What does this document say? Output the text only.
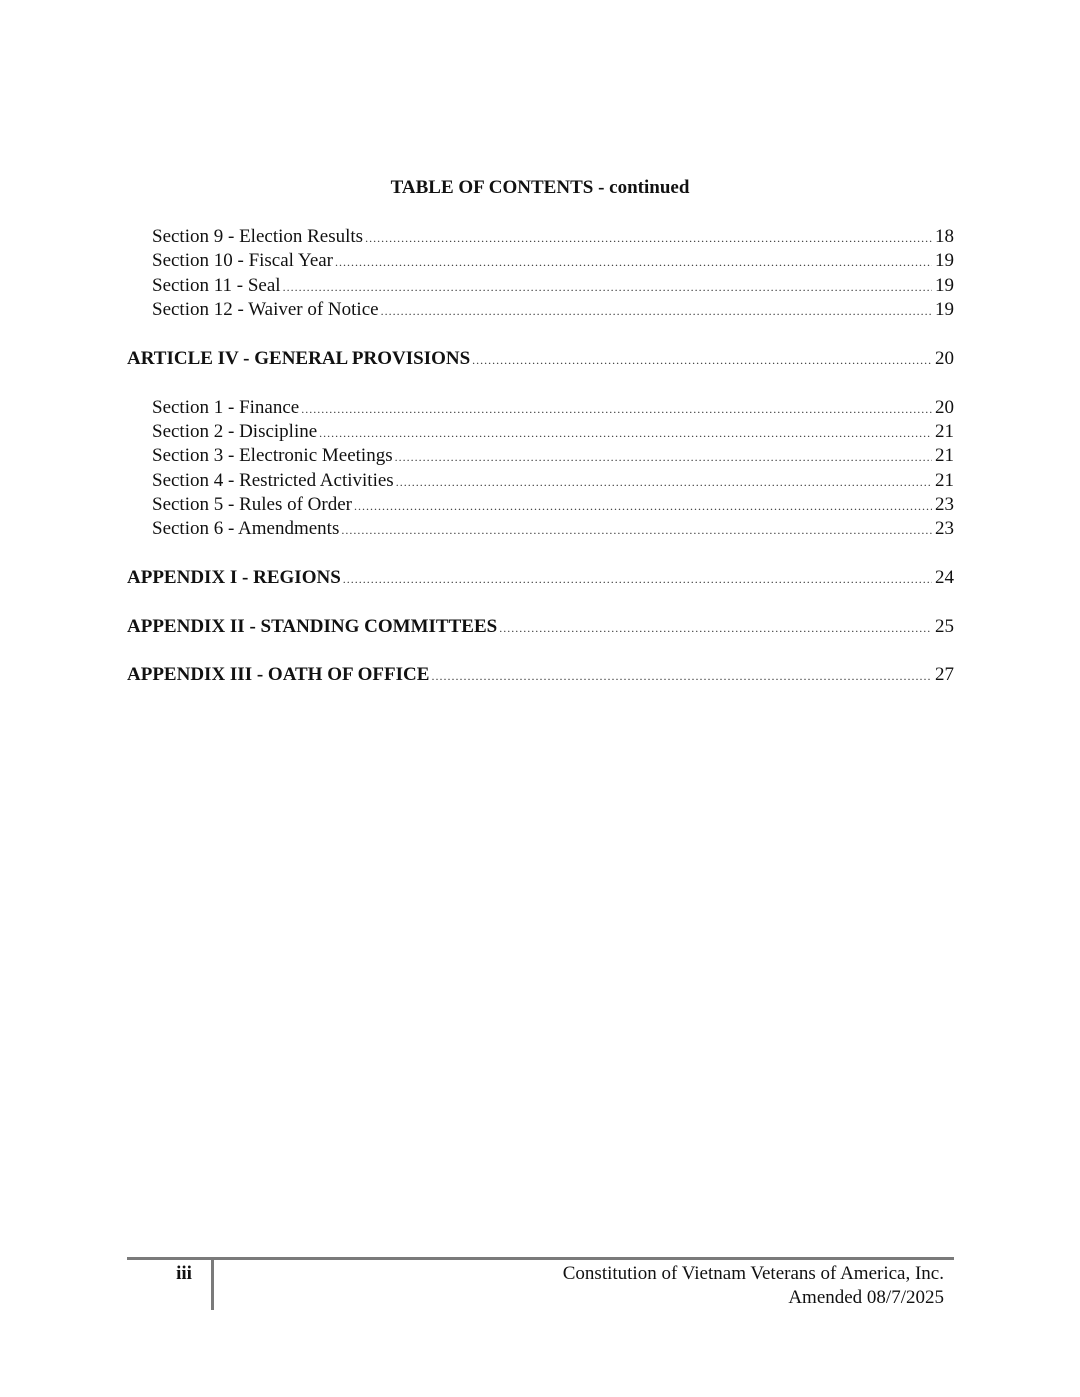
TABLE OF CONTENTS - continued
Section 9 - Election Results .....	18
Section 10 - Fiscal Year .....	19
Section 11 - Seal .....	19
Section 12 - Waiver of Notice .....	19
ARTICLE IV - GENERAL PROVISIONS .....	20
Section 1 - Finance .....	20
Section 2 - Discipline .....	21
Section 3 - Electronic Meetings .....	21
Section 4 - Restricted Activities .....	21
Section 5 - Rules of Order .....	23
Section 6 - Amendments .....	23
APPENDIX I - REGIONS .....	24
APPENDIX II - STANDING COMMITTEES .....	25
APPENDIX III - OATH OF OFFICE .....	27
iii	Constitution of Vietnam Veterans of America, Inc.
Amended 08/7/2025
